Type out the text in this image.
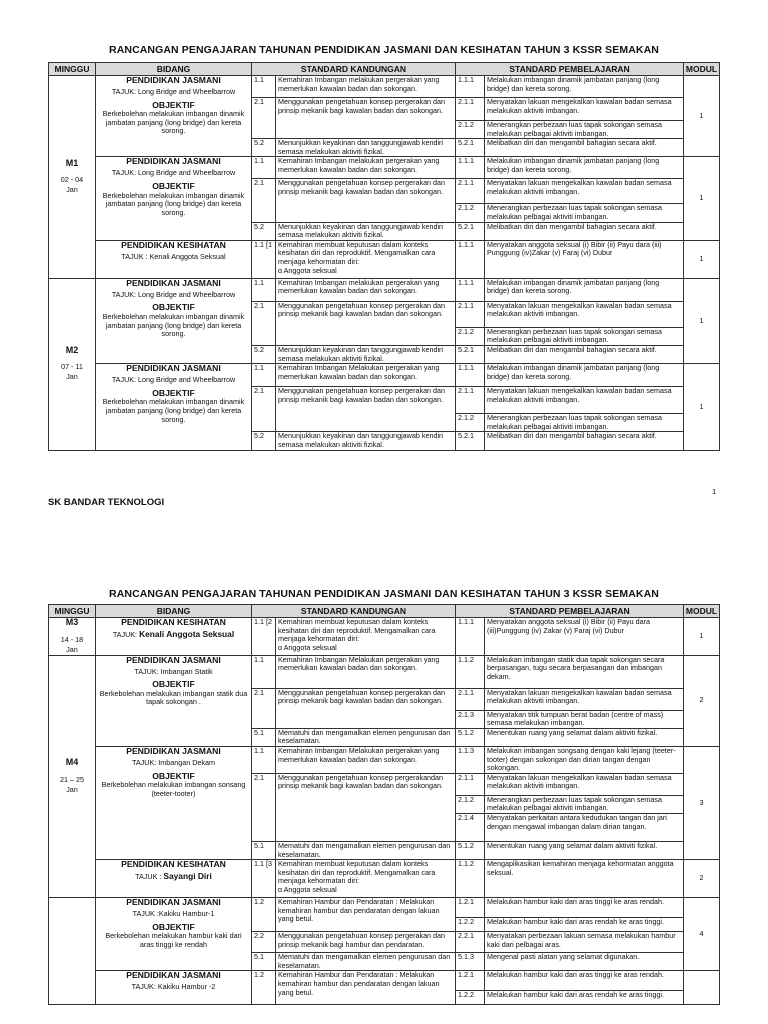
RANCANGAN PENGAJARAN TAHUNAN PENDIDIKAN JASMANI DAN KESIHATAN TAHUN 3 KSSR SEMAKAN
MINGGU	BIDANG	STANDARD KANDUNGAN		STANDARD PEMBELAJARAN		MODUL

M1
02 - 04
Jan	PENDIDIKAN JASMANI
TAJUK: Long Bridge and Wheelbarrow
OBJEKTIF
Berkebolehan melakukan imbangan dinamik jambatan panjang (long bridge) dan kereta sorong.	1.1	Kemahiran Imbangan melakukan pergerakan yang memerlukan kawalan badan dan sokongan.	1.1.1	Melakukan imbangan dinamik jambatan panjang (long bridge) dan kereta sorong.	1
		2.1	Menggunakan pengetahuan konsep pergerakan dan prinsip mekanik bagi kawalan badan dan sokongan.	2.1.1	Menyatakan lakuan mengekalkan kawalan badan semasa melakukan aktiviti imbangan.	
				2.1.2	Menerangkan perbezaan luas tapak sokongan semasa melakukan pelbagai aktiviti imbangan.	
		5.2	Menunjukkan keyakinan dan tanggungjawab kendiri semasa melakukan aktiviti fizikal.	5.2.1	Melibatkan diri dan mengambil bahagian secara aktif.	

	PENDIDIKAN JASMANI
TAJUK: Long Bridge and Wheelbarrow
OBJEKTIF
Berkebolehan melakukan imbangan dinamik jambatan panjang (long bridge) dan kereta sorong.	1.1	Kemahiran Imbangan melakukan pergerakan yang memerlukan kawalan badan dan sokongan.	1.1.1	Melakukan imbangan dinamik jambatan panjang (long bridge) dan kereta sorong.	1
		2.1	Menggunakan pengetahuan konsep pergerakan dan prinsip mekanik bagi kawalan badan dan sokongan.	2.1.1	Menyatakan lakuan mengekalkan kawalan badan semasa melakukan aktiviti imbangan.	
				2.1.2	Menerangkan perbezaan luas tapak sokongan semasa melakukan pelbagai aktiviti imbangan.	
		5.2	Menunjukkan keyakinan dan tanggungjawab kendiri semasa melakukan aktiviti fizikal.	5.2.1	Melibatkan diri dan mengambil bahagian secara aktif.	

	PENDIDIKAN KESIHATAN
TAJUK : Kenali Anggota Seksual	1.1 [1	Kemahiran membuat keputusan dalam konteks kesihatan diri dan reproduktif. Mengamalkan cara menjaga kehormatan diri:
ɑ Anggota seksual	1.1.1	Menyatakan anggota seksual (i) Bibir (ii) Payu dara (iii) Punggung (iv)Zakar (v) Faraj (vi) Dubur	1

M2
07 - 11
Jan	PENDIDIKAN JASMANI
TAJUK: Long Bridge and Wheelbarrow
OBJEKTIF
Berkebolehan melakukan imbangan dinamik jambatan panjang (long bridge) dan kereta sorong.	1.1	Kemahiran Imbangan melakukan pergerakan yang memerlukan kawalan badan dan sokongan.	1.1.1	Melakukan imbangan dinamik jambatan panjang (long bridge) dan kereta sorong.	1
		2.1	Menggunakan pengetahuan konsep pergerakan dan prinsip mekanik bagi kawalan badan dan sokongan.	2.1.1	Menyatakan lakuan mengekalkan kawalan badan semasa melakukan aktiviti imbangan.	
				2.1.2	Menerangkan perbezaan luas tapak sokongan semasa melakukan pelbagai aktiviti imbangan.	
		5.2	Menunjukkan keyakinan dan tanggungjawab kendiri semasa melakukan aktiviti fizikal.	5.2.1	Melibatkan diri dan mengambil bahagian secara aktif.	

	PENDIDIKAN JASMANI
TAJUK: Long Bridge and Wheelbarrow
OBJEKTIF
Berkebolehan melakukan imbangan dinamik jambatan panjang (long bridge) dan kereta sorong.	1.1	Kemahiran Imbangan Melakukan pergerakan yang memerlukan kawalan badan dan sokongan.	1.1.1	Melakukan imbangan dinamik jambatan panjang (long bridge) dan kereta sorong.	1
		2.1	Menggunakan pengetahuan konsep pergerakan dan prinsip mekanik bagi kawalan badan dan sokongan.	2.1.1	Menyatakan lakuan mengekalkan kawalan badan semasa melakukan aktiviti imbangan.	
				2.1.2	Menerangkan perbezaan luas tapak sokongan semasa melakukan pelbagai aktiviti imbangan.	
		5.2	Menunjukkan keyakinan dan tanggungjawab kendiri semasa melakukan aktiviti fizikal.	5.2.1	Melibatkan diri dan mengambil bahagian secara aktif.	
SK BANDAR TEKNOLOGI
1
RANCANGAN PENGAJARAN TAHUNAN PENDIDIKAN JASMANI DAN KESIHATAN TAHUN 3 KSSR SEMAKAN
MINGGU	BIDANG	STANDARD KANDUNGAN		STANDARD PEMBELAJARAN		MODUL

M3
14 - 18
Jan	PENDIDIKAN KESIHATAN
TAJUK: Kenali Anggota Seksual	1.1 [2	Kemahiran membuat keputusan dalam konteks kesihatan diri dan reproduktif. Mengamalkan cara menjaga kehormatan diri:
ɑ Anggota seksual	1.1.1	Menyatakan anggota seksual (i) Bibir (ii) Payu dara (iii)Punggung (iv) Zakar (v) Faraj (vi) Dubur	1

M4
21 – 25
Jan	PENDIDIKAN JASMANI
TAJUK: Imbangan Statik
OBJEKTIF
Berkebolehan melakukan imbangan statik dua tapak sokongan .	1.1	Kemahiran Imbangan Melakukan pergerakan yang memerlukan kawalan badan dan sokongan.	1.1.2	Melakukan imbangan statik dua tapak sokongan secara berpasangan, tugu secara berpasangan dan imbangan dekam.	2
		2.1	Menggunakan pengetahuan konsep pergerakan dan prinsip mekanik bagi kawalan badan dan sokongan.	2.1.1	Menyatakan lakuan mengekalkan kawalan badan semasa melakukan aktiviti imbangan.	
				2.1.3	Menyatakan titik tumpuan berat badan (centre of mass) semasa melakukan imbangan.	
		5.1	Mematuhi dan mengamalkan elemen pengurusan dan keselamatan.	5.1.2	Menentukan ruang yang selamat dalam aktiviti fizikal.	

	PENDIDIKAN JASMANI
TAJUK: Imbangan Dekam
OBJEKTIF
Berkebolehan melakukan imbangan sonsang (teeter-tooter)	1.1	Kemahiran Imbangan Melakukan pergerakan yang memerlukan kawalan badan dan sokongan.	1.1.3	Melakukan imbangan songsang dengan kaki lejang (teeter-tooter) dengan sokongan dan dirian tangan dengan sokongan.	3
		2.1	Menggunakan pengetahuan konsep pergerakandan prinsip mekanik bagi kawalan badan dan sokongan.	2.1.1	Menyatakan lakuan mengekalkan kawalan badan semasa melakukan aktiviti imbangan.	
				2.1.2	Menerangkan perbezaan luas tapak sokongan semasa melakukan pelbagai aktiviti imbangan.	
				2.1.4	Menyatakan perkaitan antara kedudukan tangan dan jari dengan mengawal imbangan dalam dirian tangan.	
		5.1	Mematuhi dan mengamalkan elemen pengurusan dan keselamatan.	5.1.2	Menentukan ruang yang selamat dalam aktiviti fizikal.	

	PENDIDIKAN KESIHATAN
TAJUK : Sayangi Diri	1.1 [3	Kemahiran membuat keputusan dalam konteks kesihatan diri dan reproduktif. Mengamalkan cara menjaga kehormatan diri:
ɑ Anggota seksual	1.1.2	Mengaplikasikan kemahiran menjaga kehormatan anggota seksual.	2

	PENDIDIKAN JASMANI
TAJUK :Kakiku Hambur-1
OBJEKTIF
Berkebolehan melakukan hambur kaki dari aras tinggi ke rendah	1.2	Kemahiran Hambur dan Pendaratan : Melakukan kemahiran hambur dan pendaratan dengan lakuan yang betul.	1.2.1	Melakukan hambur kaki dari aras tinggi ke aras rendah.	4
				1.2.2	Melakukan hambur kaki dari aras rendah ke aras tinggi.	
		2.2	Menggunakan pengetahuan konsep pergerakan dan prinsip mekanik bagi hambur dan pendaratan.	2.2.1	Menyatakan perbezaan lakuan semasa melakukan hambur kaki dari pelbagai aras.	
		5.1	Mematuhi dan mengamalkan elemen pengurusan dan keselamatan.	5.1.3	Mengenal pasti alatan yang selamat digunakan.	

	PENDIDIKAN JASMANI
TAJUK: Kakiku Hambur -2	1.2	Kemahiran Hambur dan Pendaratan : Melakukan kemahiran hambur dan pendaratan dengan lakuan yang betul.	1.2.1	Melakukan hambur kaki dari aras tinggi ke aras rendah.	
				1.2.2	Melakukan hambur kaki dari aras rendah ke aras tinggi.	
